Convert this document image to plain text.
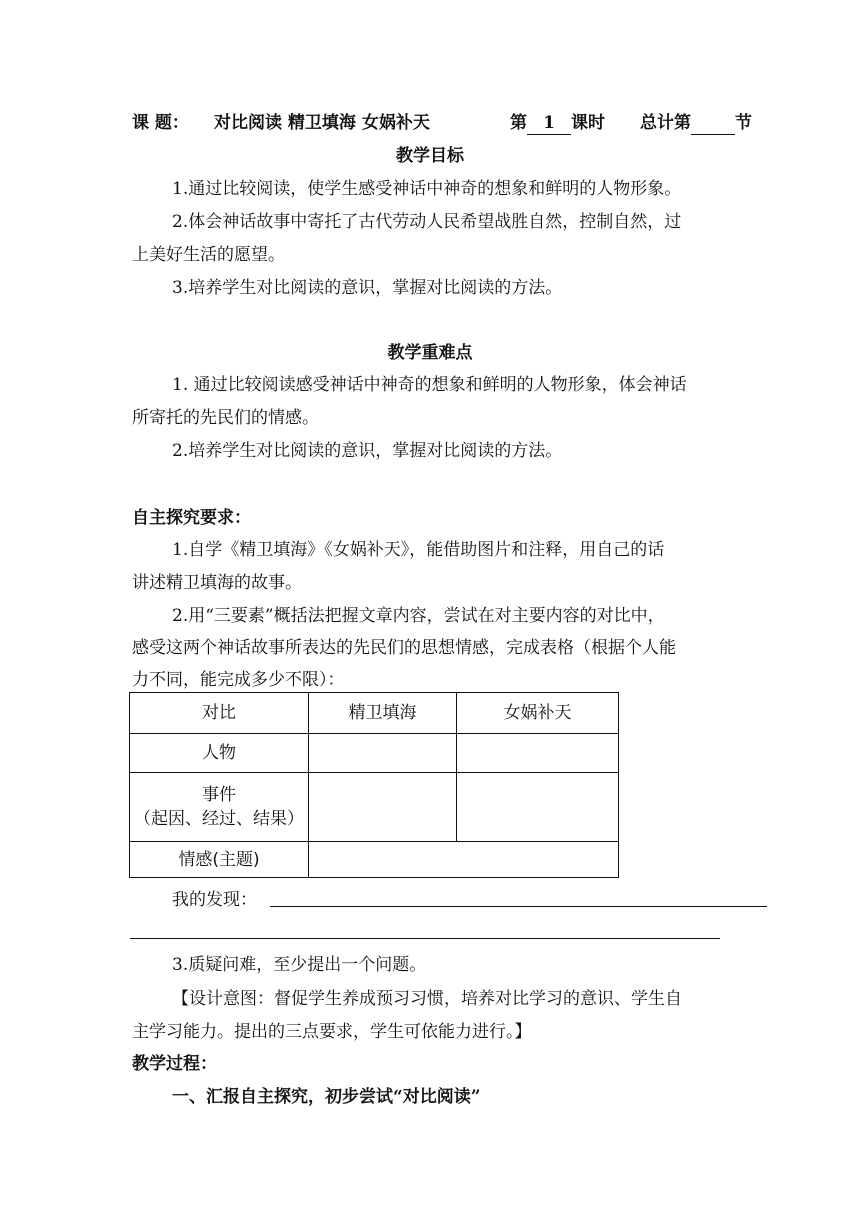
课 题： 对比阅读 精卫填海 女娲补天	第 1 课时 总计第	节
教学目标
1.通过比较阅读，使学生感受神话中神奇的想象和鲜明的人物形象。
2.体会神话故事中寄托了古代劳动人民希望战胜自然，控制自然，过
上美好生活的愿望。
3.培养学生对比阅读的意识，掌握对比阅读的方法。
教学重难点
1. 通过比较阅读感受神话中神奇的想象和鲜明的人物形象，体会神话
所寄托的先民们的情感。
2.培养学生对比阅读的意识，掌握对比阅读的方法。
自主探究要求：
1.自学《精卫填海》《女娲补天》，能借助图片和注释，用自己的话
讲述精卫填海的故事。
2.用“三要素”概括法把握文章内容，尝试在对主要内容的对比中，
感受这两个神话故事所表达的先民们的思想情感，完成表格（根据个人能
力不同，能完成多少不限）：
对比	精卫填海	女娲补天
人物		

事件
（起因、经过、结果）		

情感(主题)		
我的发现：
3.质疑问难，至少提出一个问题。
【设计意图：督促学生养成预习习惯，培养对比学习的意识、学生自
主学习能力。提出的三点要求，学生可依能力进行。】
教学过程：
一、汇报自主探究，初步尝试“对比阅读”
